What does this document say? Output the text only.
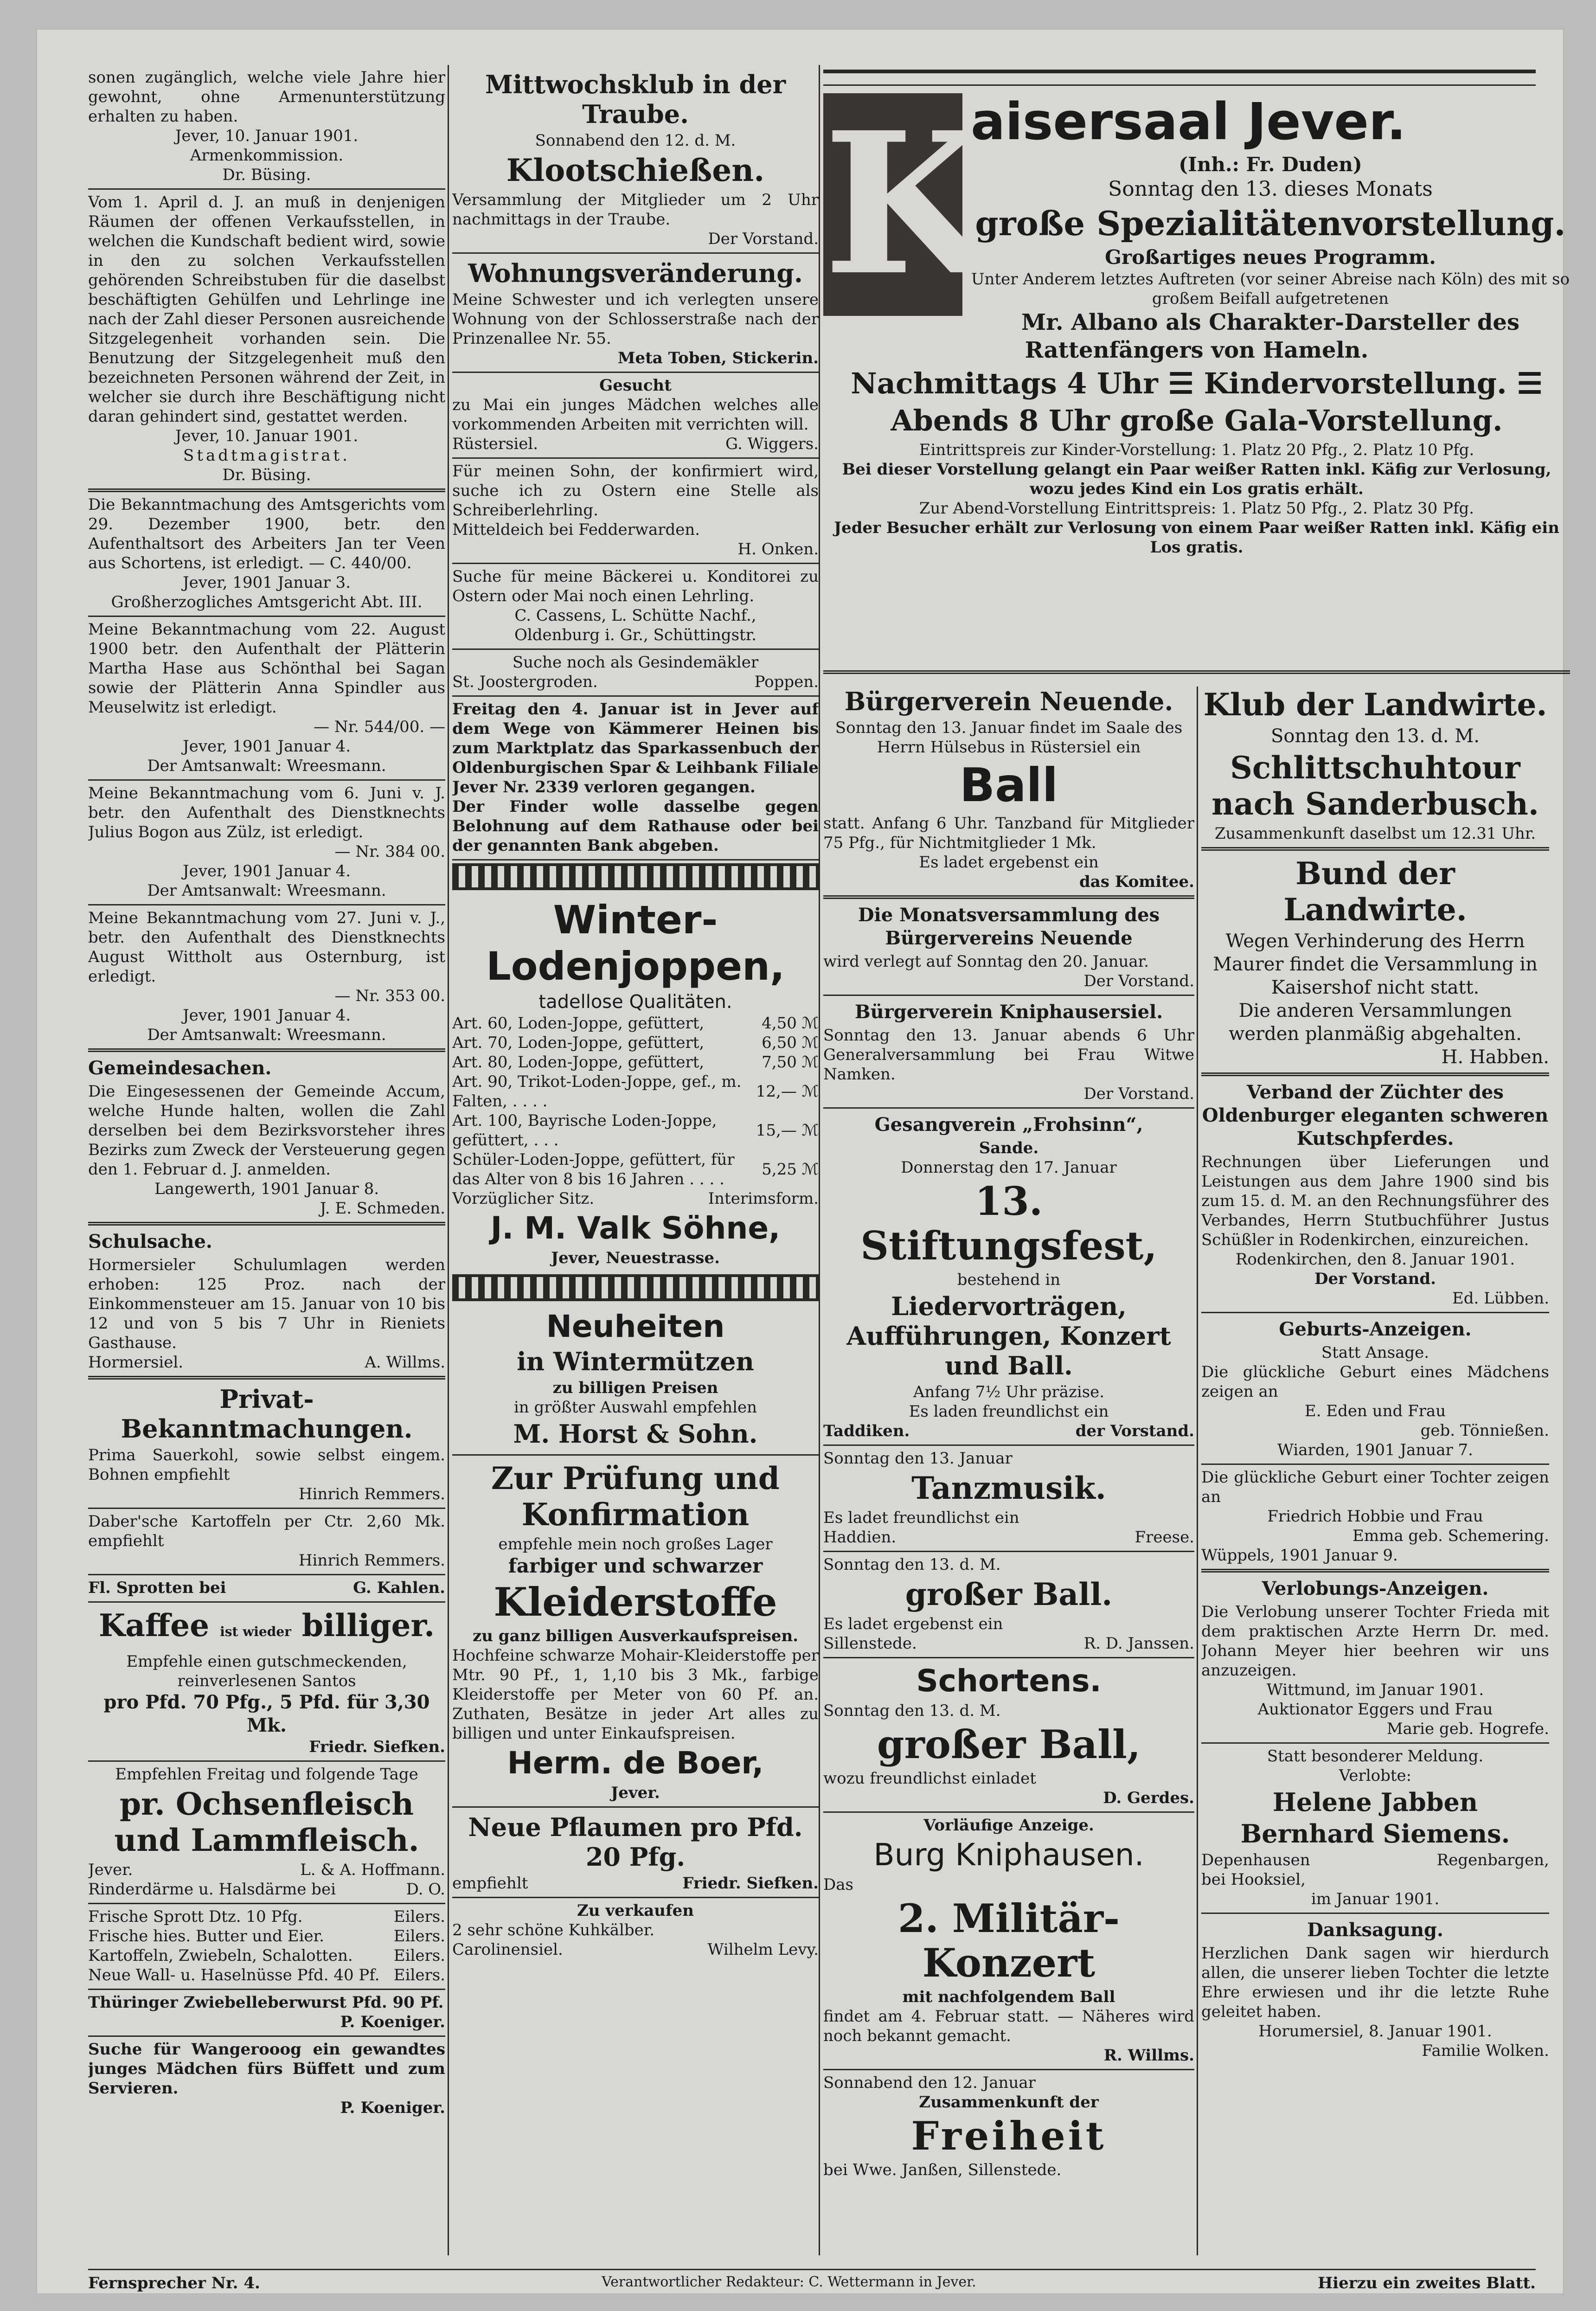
sonen zugänglich, welche viele Jahre hier gewohnt, ohne Armenunterstützung erhalten zu haben.

Jever, 10. Januar 1901.

Armenkommission.

Dr. Büsing.

Vom 1. April d. J. an muß in denjenigen Räumen der offenen Verkaufsstellen, in welchen die Kundschaft bedient wird, sowie in den zu solchen Verkaufsstellen gehörenden Schreibstuben für die daselbst beschäftigten Gehülfen und Lehrlinge ine nach der Zahl dieser Personen ausreichende Sitzgelegenheit vorhanden sein. Die Benutzung der Sitzgelegenheit muß den bezeichneten Personen während der Zeit, in welcher sie durch ihre Beschäftigung nicht daran gehindert sind, gestattet werden.

Jever, 10. Januar 1901.

Stadtmagistrat.

Dr. Büsing.

Die Bekanntmachung des Amtsgerichts vom 29. Dezember 1900, betr. den Aufenthaltsort des Arbeiters Jan ter Veen aus Schortens, ist erledigt. — C. 440/00.

Jever, 1901 Januar 3.

Großherzogliches Amtsgericht Abt. III.

Meine Bekanntmachung vom 22. August 1900 betr. den Aufenthalt der Plätterin Martha Hase aus Schönthal bei Sagan sowie der Plätterin Anna Spindler aus Meuselwitz ist erledigt.

— Nr. 544/00. —

Jever, 1901 Januar 4.

Der Amtsanwalt: Wreesmann.

Meine Bekanntmachung vom 6. Juni v. J. betr. den Aufenthalt des Dienstknechts Julius Bogon aus Zülz, ist erledigt.

— Nr. 384 00.

Jever, 1901 Januar 4.

Der Amtsanwalt: Wreesmann.

Meine Bekanntmachung vom 27. Juni v. J., betr. den Aufenthalt des Dienstknechts August Wittholt aus Osternburg, ist erledigt.

— Nr. 353 00.

Jever, 1901 Januar 4.

Der Amtsanwalt: Wreesmann.

Gemeindesachen.

Die Eingesessenen der Gemeinde Accum, welche Hunde halten, wollen die Zahl derselben bei dem Bezirksvorsteher ihres Bezirks zum Zweck der Versteuerung gegen den 1. Februar d. J. anmelden.

Langewerth, 1901 Januar 8.

J. E. Schmeden.

Schulsache.

Hormersieler Schulumlagen werden erhoben: 125 Proz. nach der Einkommensteuer am 15. Januar von 10 bis 12 und von 5 bis 7 Uhr in Rieniets Gasthause.

Hormersiel.	A. Willms.
Privat-Bekanntmachungen.

Prima Sauerkohl, sowie selbst eingem. Bohnen empfiehlt

Hinrich Remmers.

Daber'sche Kartoffeln per Ctr. 2,60 Mk. empfiehlt

Hinrich Remmers.

Fl. Sprotten bei	G. Kahlen.
Kaffee ist wieder billiger.

Empfehle einen gutschmeckenden, reinverlesenen Santos

pro Pfd. 70 Pfg., 5 Pfd. für 3,30 Mk.

Friedr. Siefken.

Empfehlen Freitag und folgende Tage

pr. Ochsenfleisch und Lammfleisch.
Jever.	L. & A. Hoffmann.
Rinderdärme u. Halsdärme bei	D. O.
Frische Sprott Dtz. 10 Pfg.	Eilers.
Frische hies. Butter und Eier.	Eilers.
Kartoffeln, Zwiebeln, Schalotten.	Eilers.
Neue Wall- u. Haselnüsse Pfd. 40 Pf. Eilers.

Thüringer Zwiebelleberwurst Pfd. 90 Pf.

P. Koeniger.

Suche für Wangerooog ein gewandtes junges Mädchen fürs Büffett und zum Servieren.

P. Koeniger.

Mittwochsklub in der Traube.

Sonnabend den 12. d. M.

Klootschießen.

Versammlung der Mitglieder um 2 Uhr nachmittags in der Traube.

Der Vorstand.

Wohnungsveränderung.

Meine Schwester und ich verlegten unsere Wohnung von der Schlosserstraße nach der Prinzenallee Nr. 55.

Meta Toben, Stickerin.

Gesucht

zu Mai ein junges Mädchen welches alle vorkommenden Arbeiten mit verrichten will.

Rüstersiel.	G. Wiggers.

Für meinen Sohn, der konfirmiert wird, suche ich zu Ostern eine Stelle als Schreiberlehrling.

Mitteldeich bei Fedderwarden.

H. Onken.

Suche für meine Bäckerei u. Konditorei zu Ostern oder Mai noch einen Lehrling.

C. Cassens, L. Schütte Nachf.,

Oldenburg i. Gr., Schüttingstr.

Suche noch als Gesindemäkler

St. Joostergroden.	Poppen.

Freitag den 4. Januar ist in Jever auf dem Wege von Kämmerer Heinen bis zum Marktplatz das Sparkassenbuch der Oldenburgischen Spar & Leihbank Filiale Jever Nr. 2339 verloren gegangen.

Der Finder wolle dasselbe gegen Belohnung auf dem Rathause oder bei der genannten Bank abgeben.

Winter-
Lodenjoppen,

tadellose Qualitäten.

Art. 60, Loden-Joppe, gefüttert,	4,50 ℳ
Art. 70, Loden-Joppe, gefüttert,	6,50 ℳ
Art. 80, Loden-Joppe, gefüttert,	7,50 ℳ
Art. 90, Trikot-Loden-Joppe, gef., m. Falten, . . . .	12,— ℳ
Art. 100, Bayrische Loden-Joppe, gefüttert, . . .	15,— ℳ
Schüler-Loden-Joppe, gefüttert, für das Alter von 8 bis 16 Jahren . . . .	5,25 ℳ
Vorzüglicher Sitz.	Interimsform.
J. M. Valk Söhne,

Jever, Neuestrasse.

Neuheiten
in Wintermützen

zu billigen Preisen

in größter Auswahl empfehlen

M. Horst & Sohn.
Zur Prüfung und Konfirmation

empfehle mein noch großes Lager

farbiger und schwarzer

Kleiderstoffe

zu ganz billigen Ausverkaufspreisen.

Hochfeine schwarze Mohair-Kleiderstoffe per Mtr. 90 Pf., 1, 1,10 bis 3 Mk., farbige Kleiderstoffe per Meter von 60 Pf. an. Zuthaten, Besätze in jeder Art alles zu billigen und unter Einkaufspreisen.

Herm. de Boer,

Jever.

Neue Pflaumen pro Pfd. 20 Pfg.
empfiehlt	Friedr. Siefken.

Zu verkaufen

2 sehr schöne Kuhkälber.

Carolinensiel.	Wilhelm Levy.
K
aisersaal Jever.

(Inh.: Fr. Duden)

Sonntag den 13. dieses Monats

große Spezialitätenvorstellung.

Großartiges neues Programm.

Unter Anderem letztes Auftreten (vor seiner Abreise nach Köln) des mit so großem Beifall aufgetretenen

Mr. Albano als Charakter-Darsteller des Rattenfängers von Hameln.

Nachmittags 4 Uhr ☰ Kindervorstellung. ☰
Abends 8 Uhr große Gala-Vorstellung.

Eintrittspreis zur Kinder-Vorstellung: 1. Platz 20 Pfg., 2. Platz 10 Pfg.

Bei dieser Vorstellung gelangt ein Paar weißer Ratten inkl. Käfig zur Verlosung, wozu jedes Kind ein Los gratis erhält.

Zur Abend-Vorstellung Eintrittspreis: 1. Platz 50 Pfg., 2. Platz 30 Pfg.

Jeder Besucher erhält zur Verlosung von einem Paar weißer Ratten inkl. Käfig ein Los gratis.

Bürgerverein Neuende.

Sonntag den 13. Januar findet im Saale des Herrn Hülsebus in Rüstersiel ein

Ball

statt. Anfang 6 Uhr. Tanzband für Mitglieder 75 Pfg., für Nichtmitglieder 1 Mk.

Es ladet ergebenst ein

das Komitee.

Die Monatsversammlung des Bürgervereins Neuende

wird verlegt auf Sonntag den 20. Januar.

Der Vorstand.

Bürgerverein Kniphausersiel.

Sonntag den 13. Januar abends 6 Uhr Generalversammlung bei Frau Witwe Namken.

Der Vorstand.

Gesangverein „Frohsinn“,

Sande.

Donnerstag den 17. Januar

13. Stiftungsfest,

bestehend in

Liedervorträgen, Aufführungen, Konzert und Ball.

Anfang 7½ Uhr präzise.

Es laden freundlichst ein

Taddiken.	der Vorstand.

Sonntag den 13. Januar

Tanzmusik.

Es ladet freundlichst ein

Haddien.	Freese.

Sonntag den 13. d. M.

großer Ball.

Es ladet ergebenst ein

Sillenstede.	R. D. Janssen.
Schortens.

Sonntag den 13. d. M.

großer Ball,

wozu freundlichst einladet

D. Gerdes.

Vorläufige Anzeige.

Burg Kniphausen.

Das

2. Militär-Konzert

mit nachfolgendem Ball

findet am 4. Februar statt. — Näheres wird noch bekannt gemacht.

R. Willms.

Sonnabend den 12. Januar

Zusammenkunft der

Freiheit

bei Wwe. Janßen, Sillenstede.

Klub der Landwirte.

Sonntag den 13. d. M.

Schlittschuhtour nach Sanderbusch.

Zusammenkunft daselbst um 12.31 Uhr.

Bund der Landwirte.

Wegen Verhinderung des Herrn Maurer findet die Versammlung in Kaisershof nicht statt.

Die anderen Versammlungen werden planmäßig abgehalten.

H. Habben.

Verband der Züchter des Oldenburger eleganten schweren Kutschpferdes.

Rechnungen über Lieferungen und Leistungen aus dem Jahre 1900 sind bis zum 15. d. M. an den Rechnungsführer des Verbandes, Herrn Stutbuchführer Justus Schüßler in Rodenkirchen, einzureichen.

Rodenkirchen, den 8. Januar 1901.

Der Vorstand.

Ed. Lübben.

Geburts-Anzeigen.

Statt Ansage.

Die glückliche Geburt eines Mädchens zeigen an

E. Eden und Frau

geb. Tönnießen.

Wiarden, 1901 Januar 7.

Die glückliche Geburt einer Tochter zeigen an

Friedrich Hobbie und Frau

Emma geb. Schemering.

Wüppels, 1901 Januar 9.

Verlobungs-Anzeigen.

Die Verlobung unserer Tochter Frieda mit dem praktischen Arzte Herrn Dr. med. Johann Meyer hier beehren wir uns anzuzeigen.

Wittmund, im Januar 1901.

Auktionator Eggers und Frau

Marie geb. Hogrefe.

Statt besonderer Meldung.

Verlobte:

Helene Jabben
Bernhard Siemens.
Depenhausen	Regenbargen,

bei Hooksiel,

im Januar 1901.

Danksagung.

Herzlichen Dank sagen wir hierdurch allen, die unserer lieben Tochter die letzte Ehre erwiesen und ihr die letzte Ruhe geleitet haben.

Horumersiel, 8. Januar 1901.

Familie Wolken.

Fernsprecher Nr. 4.	Verantwortlicher Redakteur: C. Wettermann in Jever.	Hierzu ein zweites Blatt.
